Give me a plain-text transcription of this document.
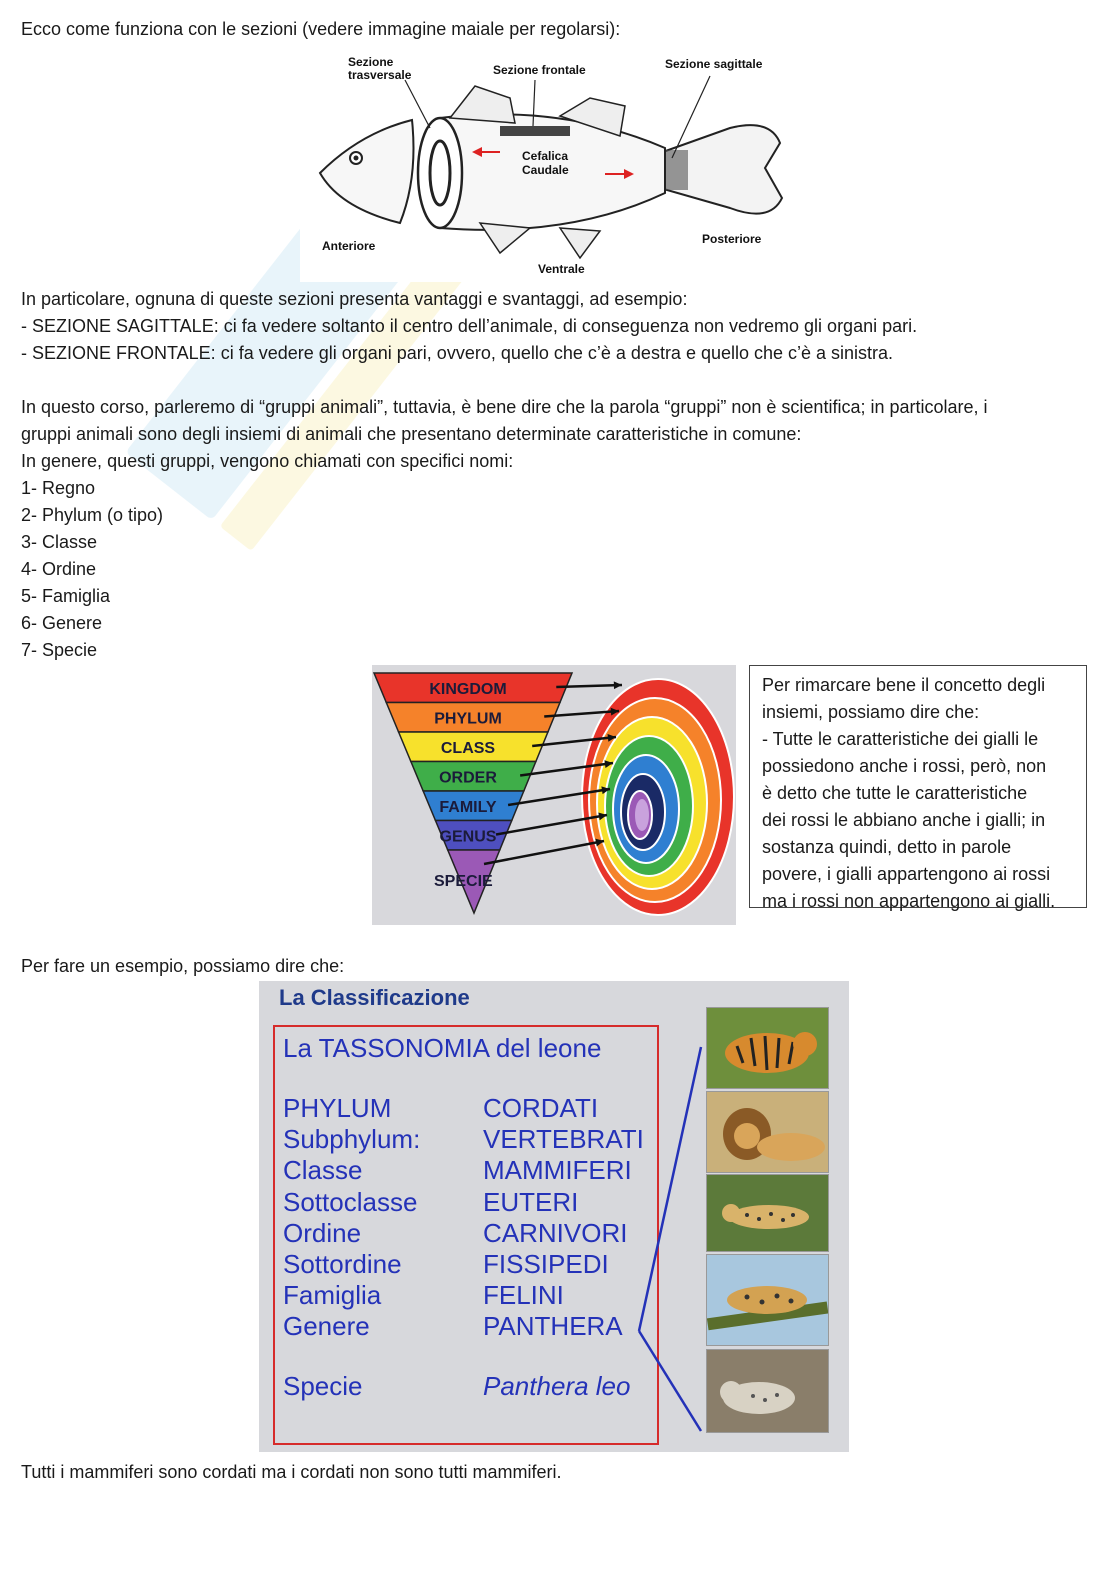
Ecco come funziona con le sezioni (vedere immagine maiale per regolarsi):
Sezione trasversale	Sezione frontale	Sezione sagittale
Cefalica
Caudale
Anteriore	Posteriore
Ventrale
In particolare, ognuna di queste sezioni presenta vantaggi e svantaggi, ad esempio:
- SEZIONE SAGITTALE: ci fa vedere soltanto il centro dell’animale, di conseguenza non vedremo gli organi pari.
- SEZIONE FRONTALE: ci fa vedere gli organi pari, ovvero, quello che c’è a destra e quello che c’è a sinistra.
In questo corso, parleremo di “gruppi animali”, tuttavia, è bene dire che la parola “gruppi” non è scientifica; in particolare, i
gruppi animali sono degli insiemi di animali che presentano determinate caratteristiche in comune:
In genere, questi gruppi, vengono chiamati con specifici nomi:
1- Regno
2- Phylum (o tipo)
3- Classe
4- Ordine
5- Famiglia
6- Genere
7- Specie
KINGDOM
PHYLUM
CLASS
ORDER
FAMILY
GENUS
SPECIE
Per rimarcare bene il concetto degli
insiemi, possiamo dire che:
- Tutte le caratteristiche dei gialli le
possiedono anche i rossi, però, non
è detto che tutte le caratteristiche
dei rossi le abbiano anche i gialli; in
sostanza quindi, detto in parole
povere, i gialli appartengono ai rossi
ma i rossi non appartengono ai gialli.
Per fare un esempio, possiamo dire che:
La Classificazione
La TASSONOMIA del leone
PHYLUM	CORDATI
Subphylum: VERTEBRATI
Classe	MAMMIFERI
Sottoclasse	EUTERI
Ordine	CARNIVORI
Sottordine	FISSIPEDI
Famiglia	FELINI
Genere	PANTHERA
Specie	Panthera leo
Tutti i mammiferi sono cordati ma i cordati non sono tutti mammiferi.
